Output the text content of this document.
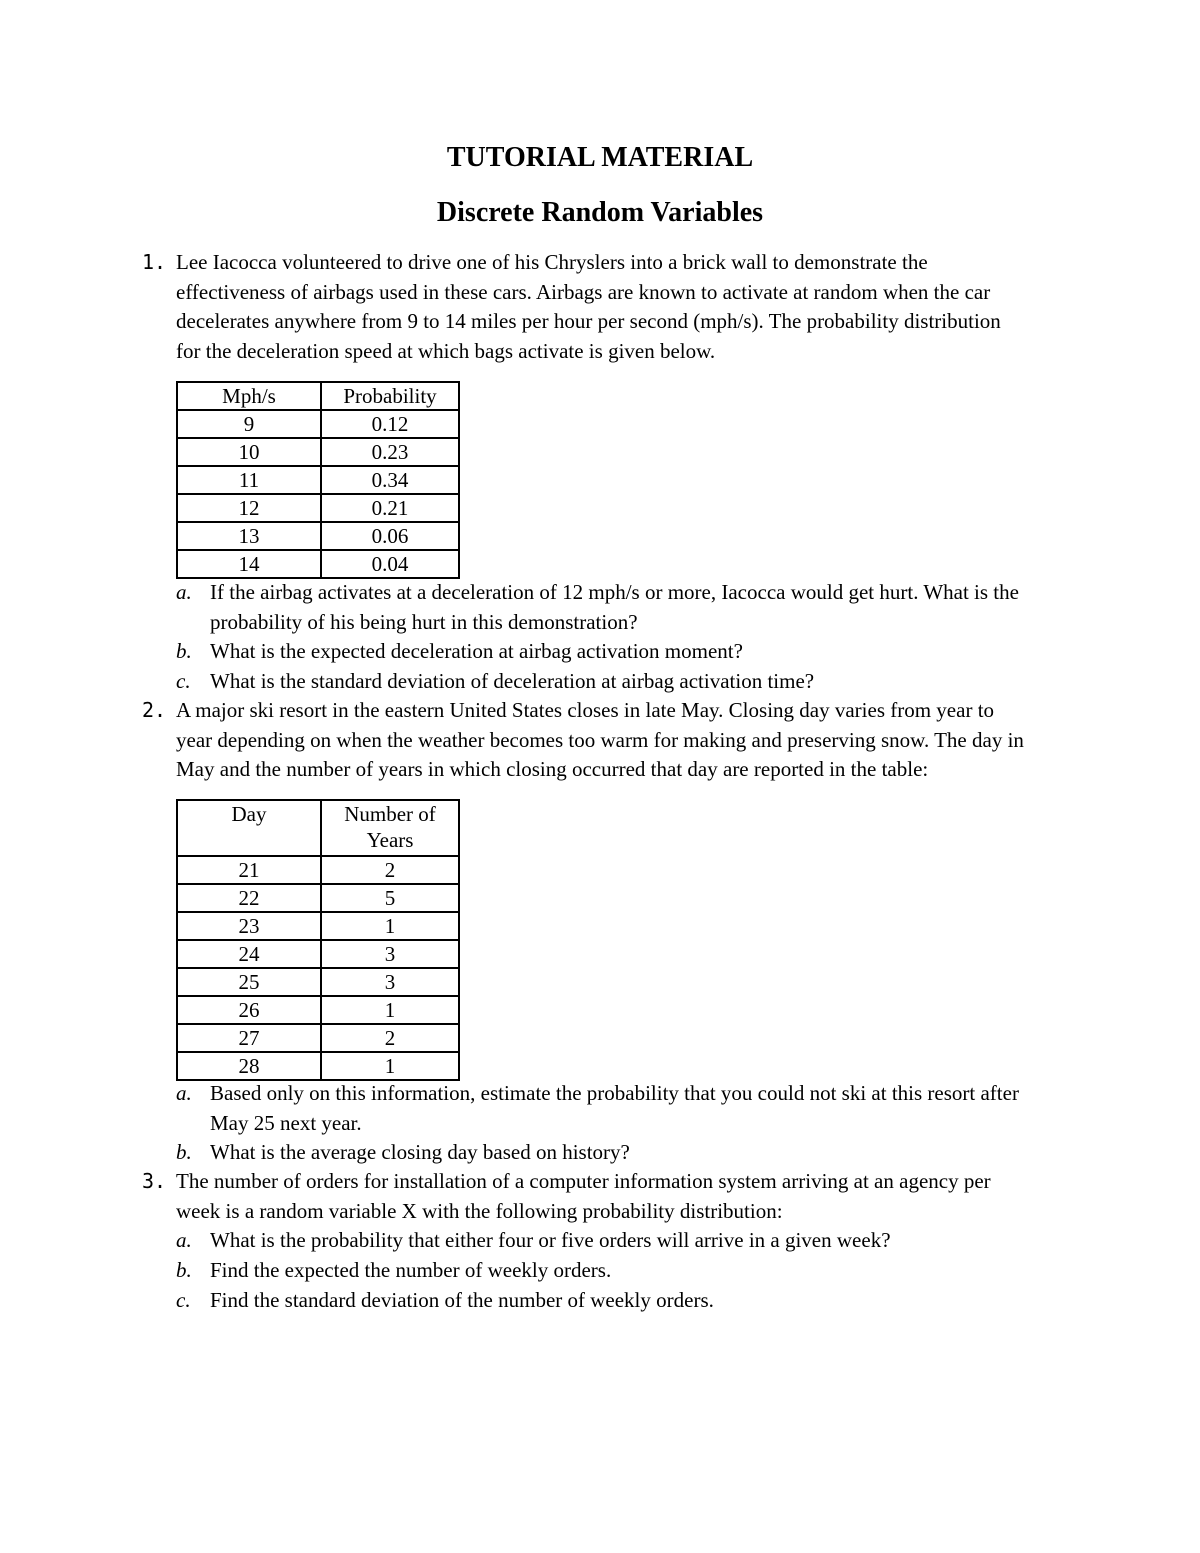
TUTORIAL MATERIAL
Discrete Random Variables
1. Lee Iacocca volunteered to drive one of his Chryslers into a brick wall to demonstrate the

effectiveness of airbags used in these cars. Airbags are known to activate at random when the car

decelerates anywhere from 9 to 14 miles per hour per second (mph/s). The probability distribution

for the deceleration speed at which bags activate is given below.

Mph/s	Probability
9	0.12
10	0.23
11	0.34
12	0.21
13	0.06
14	0.04
a. If the airbag activates at a deceleration of 12 mph/s or more, Iacocca would get hurt. What is the

probability of his being hurt in this demonstration?

b. What is the expected deceleration at airbag activation moment?

c. What is the standard deviation of deceleration at airbag activation time?

2. A major ski resort in the eastern United States closes in late May. Closing day varies from year to

year depending on when the weather becomes too warm for making and preserving snow. The day in

May and the number of years in which closing occurred that day are reported in the table:

Day	Number of
Years

21	2
22	5
23	1
24	3
25	3
26	1
27	2
28	1
a. Based only on this information, estimate the probability that you could not ski at this resort after

May 25 next year.

b. What is the average closing day based on history?

3. The number of orders for installation of a computer information system arriving at an agency per

week is a random variable X with the following probability distribution:

a. What is the probability that either four or five orders will arrive in a given week?

b. Find the expected the number of weekly orders.

c. Find the standard deviation of the number of weekly orders.
